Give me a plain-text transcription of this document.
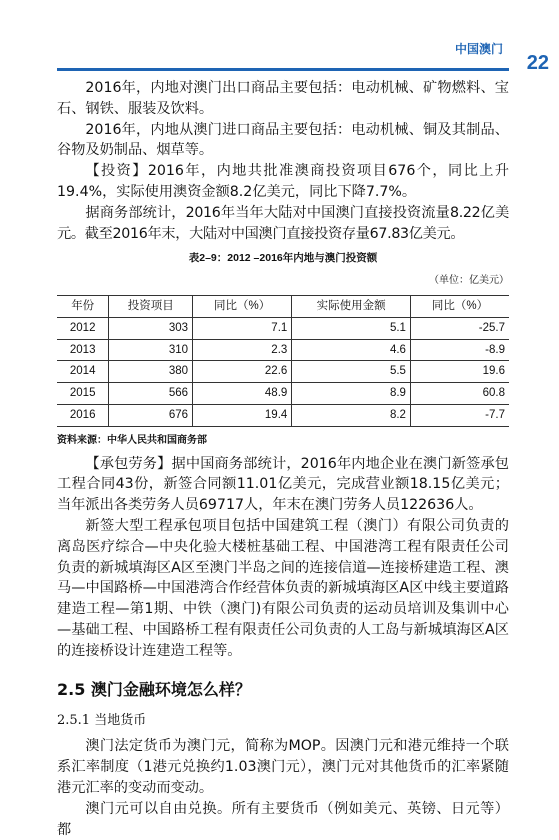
中国澳门
22

2016年，内地对澳门出口商品主要包括：电动机械、矿物燃料、宝石、钢铁、服装及饮料。

2016年，内地从澳门进口商品主要包括：电动机械、铜及其制品、谷物及奶制品、烟草等。

【投资】2016年，内地共批准澳商投资项目676个，同比上升19.4%，实际使用澳资金额8.2亿美元，同比下降7.7%。

据商务部统计，2016年当年大陆对中国澳门直接投资流量8.22亿美元。截至2016年末，大陆对中国澳门直接投资存量67.83亿美元。

表2–9：2012 –2016年内地与澳门投资额
（单位：亿美元）
年份	投资项目	同比（%）	实际使用金额	同比（%）
2012	303	7.1	5.1	-25.7
2013	310	2.3	4.6	-8.9
2014	380	22.6	5.5	19.6
2015	566	48.9	8.9	60.8
2016	676	19.4	8.2	-7.7
资料来源：中华人民共和国商务部

【承包劳务】据中国商务部统计，2016年内地企业在澳门新签承包工程合同43份，新签合同额11.01亿美元，完成营业额18.15亿美元；当年派出各类劳务人员69717人，年末在澳门劳务人员122636人。

新签大型工程承包项目包括中国建筑工程（澳门）有限公司负责的离岛医疗综合—中央化验大楼桩基础工程、中国港湾工程有限责任公司负责的新城填海区A区至澳门半岛之间的连接信道—连接桥建造工程、澳马—中国路桥—中国港湾合作经营体负责的新城填海区A区中线主要道路建造工程—第1期、中铁（澳门)有限公司负责的运动员培训及集训中心—基础工程、中国路桥工程有限责任公司负责的人工岛与新城填海区A区的连接桥设计连建造工程等。

2.5 澳门金融环境怎么样？
2.5.1 当地货币

澳门法定货币为澳门元，简称为MOP。因澳门元和港元维持一个联系汇率制度（1港元兑换约1.03澳门元），澳门元对其他货币的汇率紧随港元汇率的变动而变动。

澳门元可以自由兑换。所有主要货币（例如美元、英镑、日元等）都
